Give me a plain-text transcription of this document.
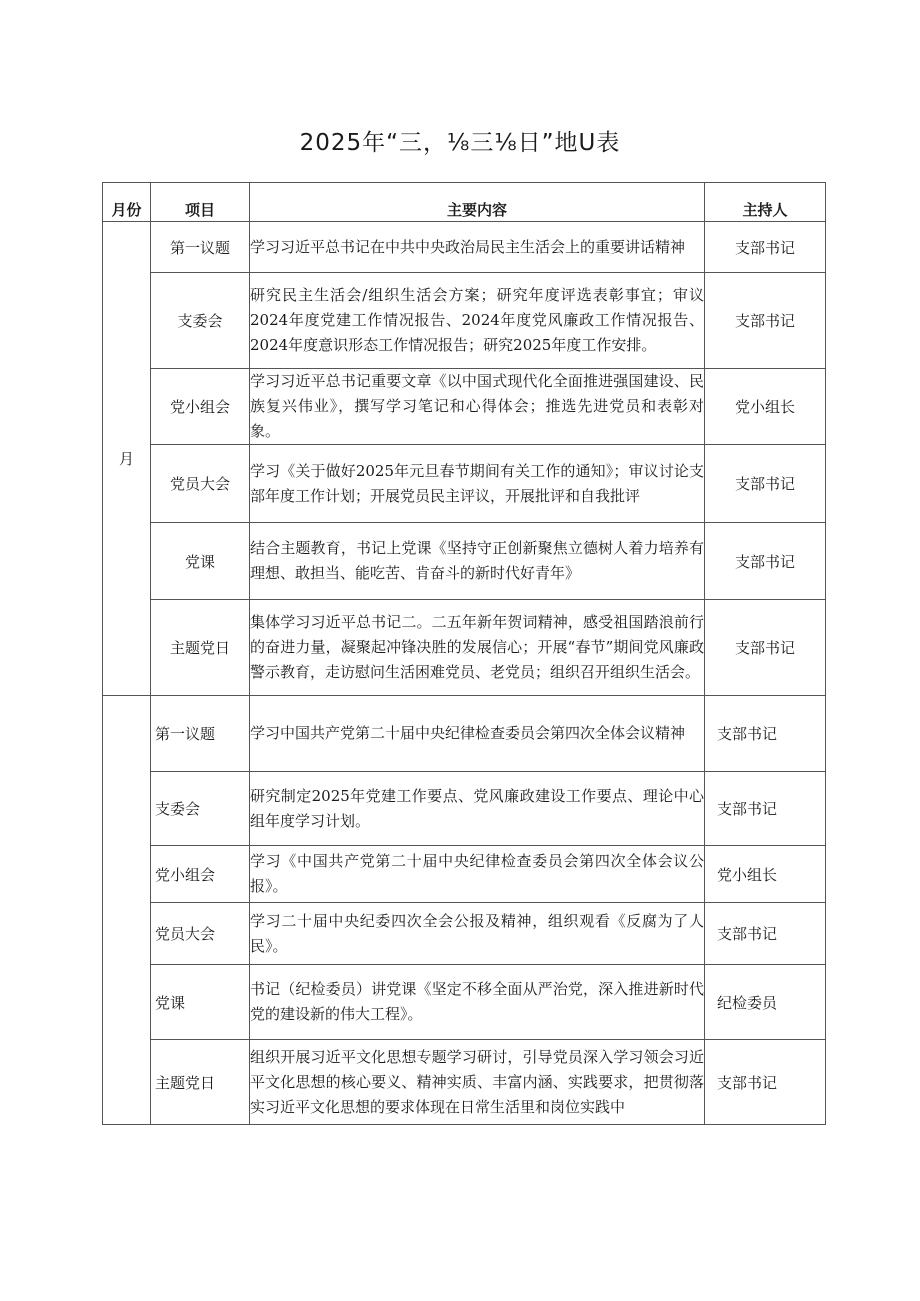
2025年“三，⅛三⅛日”地U表
月份	项目	主要内容	主持人
月	第一议题	学习习近平总书记在中共中央政治局民主生活会上的重要讲话精神	支部书记
	支委会	研究民主生活会/组织生活会方案；研究年度评选表彰事宜；审议2024年度党建工作情况报告、2024年度党风廉政工作情况报告、2024年度意识形态工作情况报告；研究2025年度工作安排。	支部书记
	党小组会	学习习近平总书记重要文章《以中国式现代化全面推进强国建设、民族复兴伟业》，撰写学习笔记和心得体会；推选先进党员和表彰对象。	党小组长
	党员大会	学习《关于做好2025年元旦春节期间有关工作的通知》；审议讨论支部年度工作计划；开展党员民主评议，开展批评和自我批评	支部书记
	党课	结合主题教育，书记上党课《坚持守正创新聚焦立德树人着力培养有理想、敢担当、能吃苦、肯奋斗的新时代好青年》	支部书记
	主题党日	集体学习习近平总书记二。二五年新年贺词精神，感受祖国踏浪前行的奋进力量，凝聚起冲锋决胜的发展信心；开展“春节”期间党风廉政警示教育，走访慰问生活困难党员、老党员；组织召开组织生活会。	支部书记
	第一议题	学习中国共产党第二十届中央纪律检查委员会第四次全体会议精神	支部书记
	支委会	研究制定2025年党建工作要点、党风廉政建设工作要点、理论中心组年度学习计划。	支部书记
	党小组会	学习《中国共产党第二十届中央纪律检查委员会第四次全体会议公报》。	党小组长
	党员大会	学习二十届中央纪委四次全会公报及精神，组织观看《反腐为了人民》。	支部书记
	党课	书记（纪检委员）讲党课《坚定不移全面从严治党，深入推进新时代党的建设新的伟大工程》。	纪检委员
	主题党日	组织开展习近平文化思想专题学习研讨，引导党员深入学习领会习近平文化思想的核心要义、精神实质、丰富内涵、实践要求，把贯彻落实习近平文化思想的要求体现在日常生活里和岗位实践中	支部书记
